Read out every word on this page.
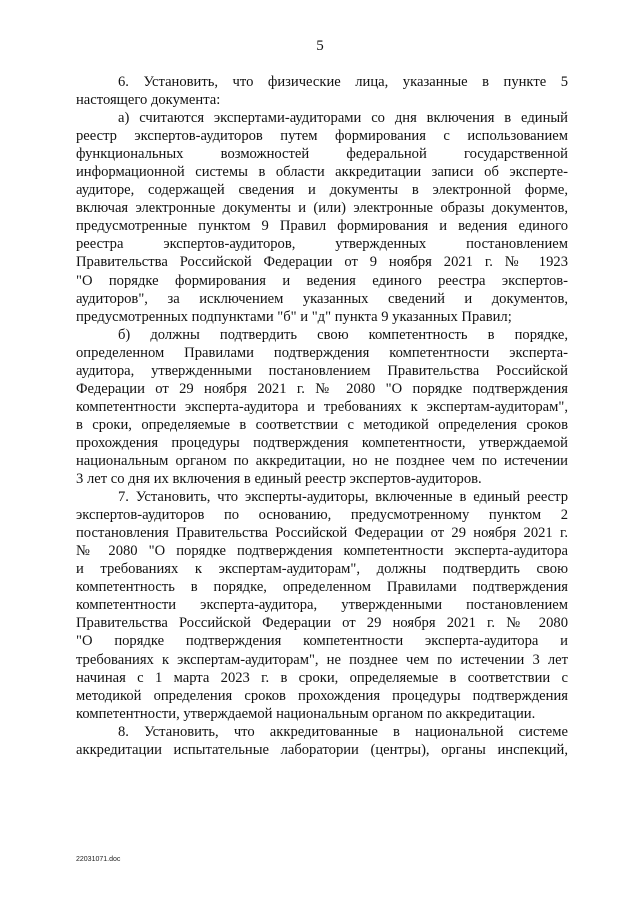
5
6. Установить, что физические лица, указанные в пункте 5
настоящего документа:
а) считаются экспертами-аудиторами со дня включения в единый
реестр экспертов-аудиторов путем формирования с использованием
функциональных возможностей федеральной государственной
информационной системы в области аккредитации записи об эксперте-
аудиторе, содержащей сведения и документы в электронной форме,
включая электронные документы и (или) электронные образы документов,
предусмотренные пунктом 9 Правил формирования и ведения единого
реестра экспертов-аудиторов, утвержденных постановлением
Правительства Российской Федерации от 9 ноября 2021 г. № 1923
"О порядке формирования и ведения единого реестра экспертов-
аудиторов", за исключением указанных сведений и документов,
предусмотренных подпунктами "б" и "д" пункта 9 указанных Правил;
б) должны подтвердить свою компетентность в порядке,
определенном Правилами подтверждения компетентности эксперта-
аудитора, утвержденными постановлением Правительства Российской
Федерации от 29 ноября 2021 г. № 2080 "О порядке подтверждения
компетентности эксперта-аудитора и требованиях к экспертам-аудиторам",
в сроки, определяемые в соответствии с методикой определения сроков
прохождения процедуры подтверждения компетентности, утверждаемой
национальным органом по аккредитации, но не позднее чем по истечении
3 лет со дня их включения в единый реестр экспертов-аудиторов.
7. Установить, что эксперты-аудиторы, включенные в единый реестр
экспертов-аудиторов по основанию, предусмотренному пунктом 2
постановления Правительства Российской Федерации от 29 ноября 2021 г.
№ 2080 "О порядке подтверждения компетентности эксперта-аудитора
и требованиях к экспертам-аудиторам", должны подтвердить свою
компетентность в порядке, определенном Правилами подтверждения
компетентности эксперта-аудитора, утвержденными постановлением
Правительства Российской Федерации от 29 ноября 2021 г. № 2080
"О порядке подтверждения компетентности эксперта-аудитора и
требованиях к экспертам-аудиторам", не позднее чем по истечении 3 лет
начиная с 1 марта 2023 г. в сроки, определяемые в соответствии с
методикой определения сроков прохождения процедуры подтверждения
компетентности, утверждаемой национальным органом по аккредитации.
8. Установить, что аккредитованные в национальной системе
аккредитации испытательные лаборатории (центры), органы инспекций,
22031071.doc
